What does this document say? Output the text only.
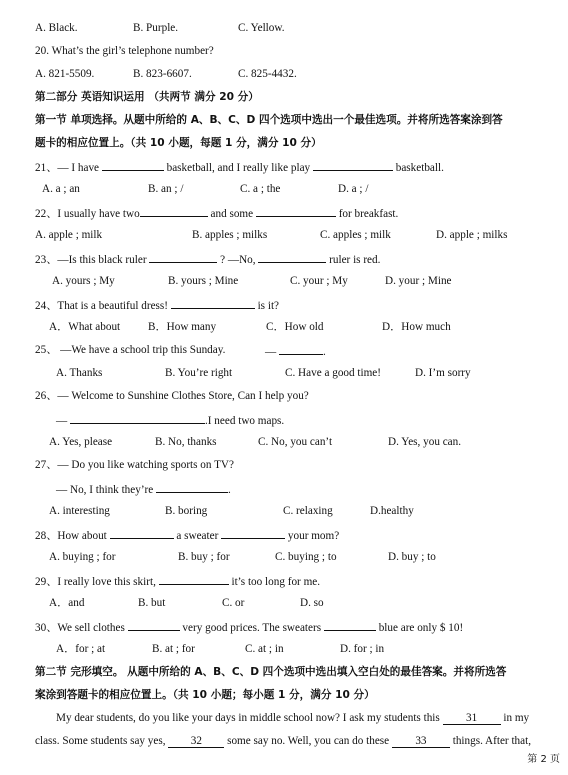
A. Black.	B. Purple.	C. Yellow.
20. What’s the girl’s telephone number?
A. 821-5509.	B. 823-6607.	C. 825-4432.
第二部分 英语知识运用 （共两节 满分 20 分）
第一节 单项选择。从题中所给的 A、B、C、D 四个选项中选出一个最佳选项。并将所选答案涂到答
题卡的相应位置上。（共 10 小题，每题 1 分，满分 10 分）
21、— I have	basketball, and I really like play	basketball.
A. a ; an	B. an ; /	C. a ; the	D. a ; /
22、I usually have two	and some	for breakfast.
A. apple ; milk	B. apples ; milks	C. apples ; milk	D. apple ; milks
23、—Is this black ruler	? —No,	ruler is red.
A. yours ; My	B. yours ; Mine	C. your ; My	D. your ; Mine
24、That is a beautiful dress!	is it?
A．What about B．How many	C．How old	D．How much
25、 —We have a school trip this Sunday.	—	.
A. Thanks	B. You’re right	C. Have a good time!	D. I’m sorry
26、— Welcome to Sunshine Clothes Store, Can I help you?
—	.I need two maps.
A. Yes, please	B. No, thanks	C. No, you can’t	D. Yes, you can.
27、— Do you like watching sports on TV?
— No, I think they’re	.
A. interesting	B. boring	C. relaxing	D.healthy
28、How about	a sweater	your mom?
A. buying ; for	B. buy ; for	C. buying ; to	D. buy ; to
29、I really love this skirt,	it’s too long for me.
A．and	B. but	C. or	D. so
30、We sell clothes	very good prices. The sweaters	blue are only $ 10!
A．for ; at	B. at ; for	C. at ; in	D. for ; in
第二节 完形填空。 从题中所给的 A、B、C、D 四个选项中选出填入空白处的最佳答案。并将所选答
案涂到答题卡的相应位置上。（共 10 小题；每小题 1 分，满分 10 分）
My dear students, do you like your days in middle school now? I ask my students this 31 in my
class. Some students say yes, 32 some say no. Well, you can do these 33 things. After that,
第 2 页
